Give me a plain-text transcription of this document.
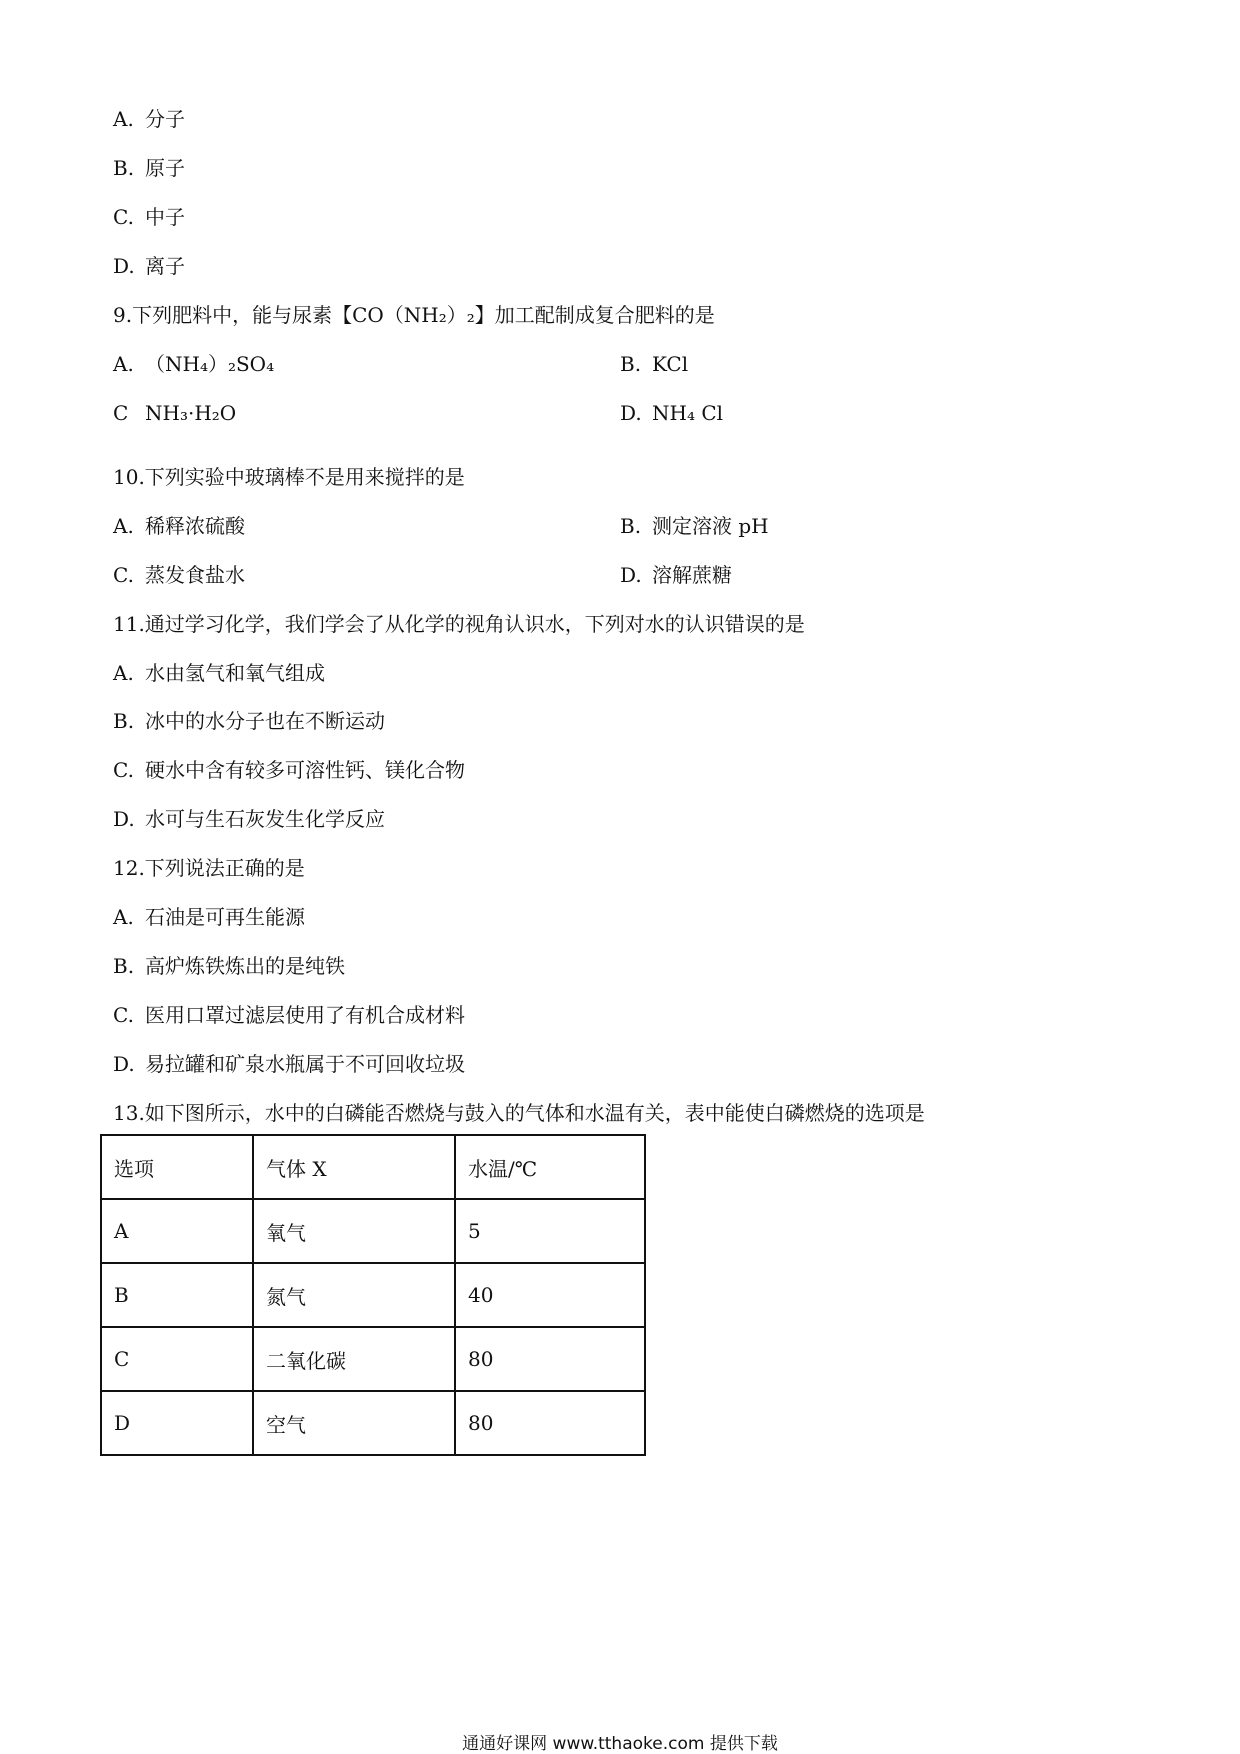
A. 分子
B. 原子
C. 中子
D. 离子
9.下列肥料中，能与尿素【CO（NH₂）₂】加工配制成复合肥料的是
A. （NH₄）₂SO₄	B. KCl
C NH₃·H₂O	D. NH₄ Cl
10.下列实验中玻璃棒不是用来搅拌的是
A. 稀释浓硫酸	B. 测定溶液 pH
C. 蒸发食盐水	D. 溶解蔗糖
11.通过学习化学，我们学会了从化学的视角认识水，下列对水的认识错误的是
A. 水由氢气和氧气组成
B. 冰中的水分子也在不断运动
C. 硬水中含有较多可溶性钙、镁化合物
D. 水可与生石灰发生化学反应
12.下列说法正确的是
A. 石油是可再生能源
B. 高炉炼铁炼出的是纯铁
C. 医用口罩过滤层使用了有机合成材料
D. 易拉罐和矿泉水瓶属于不可回收垃圾
13.如下图所示，水中的白磷能否燃烧与鼓入的气体和水温有关，表中能使白磷燃烧的选项是
选项	气体 X	水温/℃
A	氧气	5
B	氮气	40
C	二氧化碳	80
D	空气	80
通通好课网 www.tthaoke.com 提供下载
